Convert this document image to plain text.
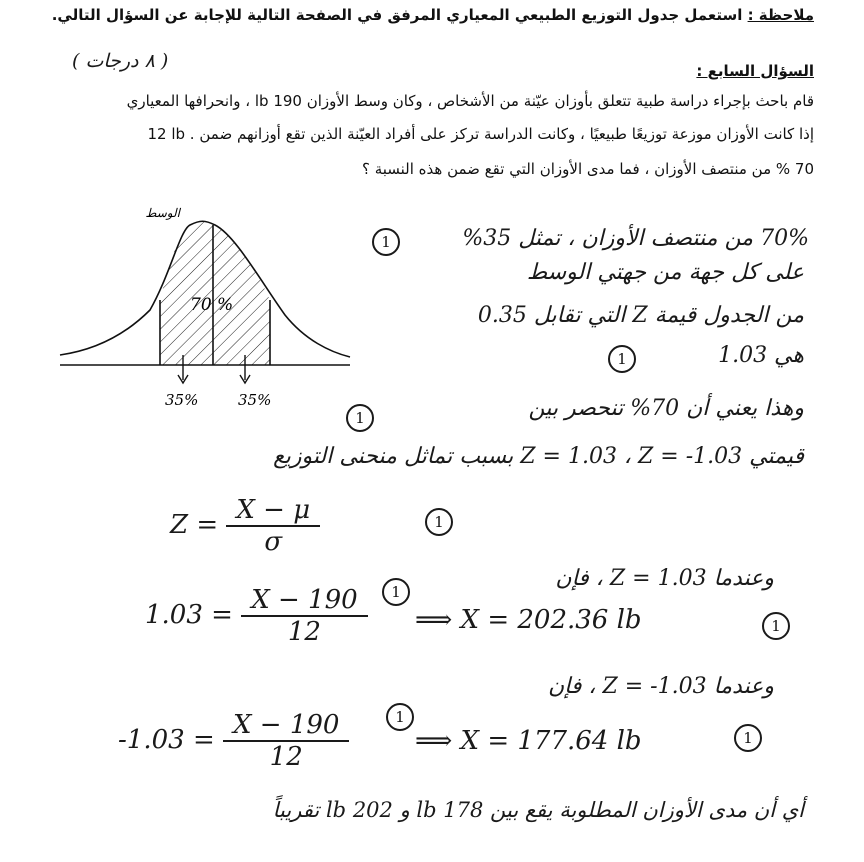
ملاحظة : استعمل جدول التوزيع الطبيعي المعياري المرفق في الصفحة التالية للإجابة عن السؤال التالي.
( ٨ درجات )	السؤال السابع :
قام باحث بإجراء دراسة طبية تتعلق بأوزان عيّنة من الأشخاص ، وكان وسط الأوزان 190 lb ، وانحرافها المعياري
12 lb . إذا كانت الأوزان موزعة توزيعًا طبيعيًا ، وكانت الدراسة تركز على أفراد العيّنة الذين تقع أوزانهم ضمن
70 % من منتصف الأوزان ، فما مدى الأوزان التي تقع ضمن هذه النسبة ؟
الوسط
70 %
35%	35%
70% من منتصف الأوزان ، تمثل 35%
1
على كل جهة من جهتي الوسط
من الجدول قيمة Z التي تقابل 0.35
هي 1.03
1
وهذا يعني أن 70% تنحصر بين
1
قيمتي Z = 1.03 ، Z = -1.03 بسبب تماثل منحنى التوزيع
$Z = \frac{X - \mu}{\sigma}$	1
وعندما Z = 1.03 ، فإن
1
$1.03 = \frac{X - 190}{12}$ ⟹ X = 202.36 lb	1
وعندما Z = -1.03 ، فإن
1
$-1.03 = \frac{X - 190}{12}$	⟹ X = 177.64 lb	1
أي أن مدى الأوزان المطلوبة يقع بين 178 lb و 202 lb تقريباً
